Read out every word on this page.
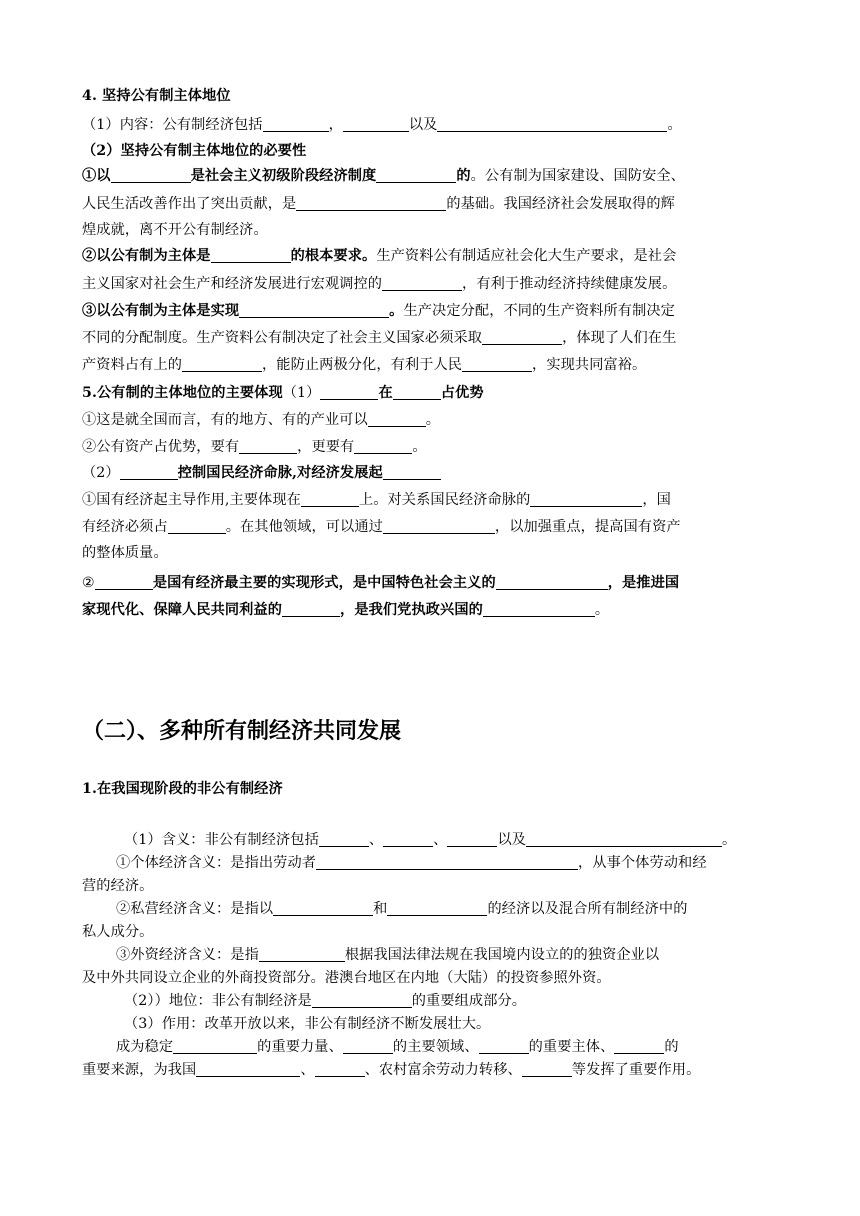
4. 坚持公有制主体地位
（1）内容：公有制经济包括	，	以及	。
（2）坚持公有制主体地位的必要性
①以	是社会主义初级阶段经济制度	的。公有制为国家建设、国防安全、
人民生活改善作出了突出贡献，是	的基础。我国经济社会发展取得的辉
煌成就，离不开公有制经济。
②以公有制为主体是	的根本要求。生产资料公有制适应社会化大生产要求，是社会
主义国家对社会生产和经济发展进行宏观调控的	，有利于推动经济持续健康发展。
③以公有制为主体是实现	。生产决定分配，不同的生产资料所有制决定
不同的分配制度。生产资料公有制决定了社会主义国家必须采取	，体现了人们在生
产资料占有上的	，能防止两极分化，有利于人民	，实现共同富裕。
5.公有制的主体地位的主要体现（1）	在	占优势
①这是就全国而言，有的地方、有的产业可以	。
②公有资产占优势，要有	，更要有	。
（2）	控制国民经济命脉,对经济发展起
①国有经济起主导作用,主要体现在	上。对关系国民经济命脉的	，国
有经济必须占	。在其他领域，可以通过	，以加强重点，提高国有资产
的整体质量。
②	是国有经济最主要的实现形式，是中国特色社会主义的	，是推进国
家现代化、保障人民共同利益的	，是我们党执政兴国的	。
（二）、多种所有制经济共同发展
1.在我国现阶段的非公有制经济
（1）含义：非公有制经济包括	、	、	以及	。
①个体经济含义：是指出劳动者	，从事个体劳动和经
营的经济。
②私营经济含义：是指以	和	的经济以及混合所有制经济中的
私人成分。
③外资经济含义：是指	根据我国法律法规在我国境内设立的的独资企业以
及中外共同设立企业的外商投资部分。港澳台地区在内地（大陆）的投资参照外资。
（2））地位：非公有制经济是	的重要组成部分。
（3）作用：改革开放以来，非公有制经济不断发展壮大。
成为稳定	的重要力量、	的主要领域、	的重要主体、	的
重要来源，为我国	、	、农村富余劳动力转移、	等发挥了重要作用。
